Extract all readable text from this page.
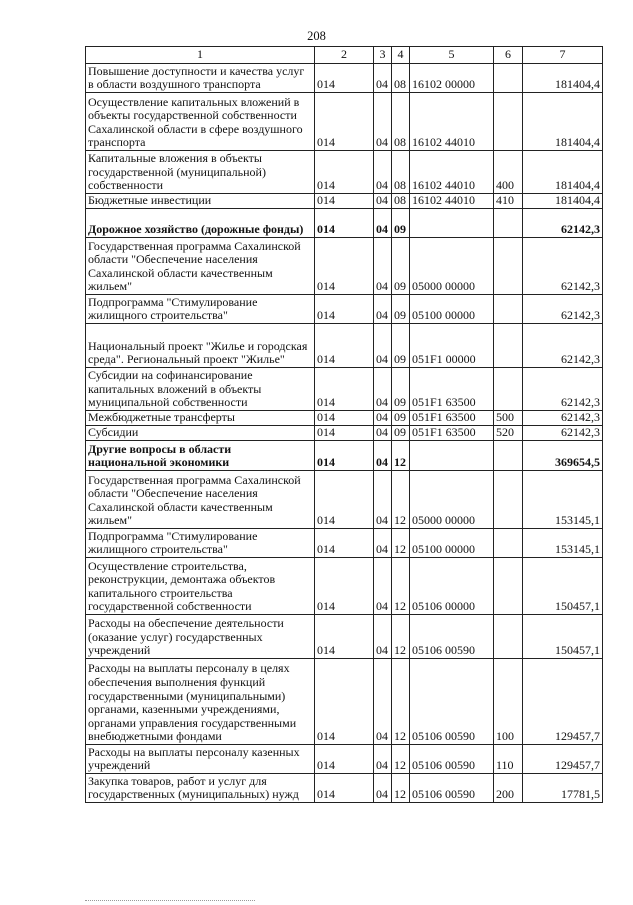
208
1	2	3	4	5	6	7
Повышение доступности и качества услуг в области воздушного транспорта	014	04	08	16102 00000		181404,4
Осуществление капитальных вложений в объекты государственной собственности Сахалинской области в сфере воздушного транспорта	014	04	08	16102 44010		181404,4
Капитальные вложения в объекты государственной (муниципальной) собственности	014	04	08	16102 44010	400	181404,4
Бюджетные инвестиции	014	04	08	16102 44010	410	181404,4
Дорожное хозяйство (дорожные фонды)	014	04	09			62142,3
Государственная программа Сахалинской области "Обеспечение населения Сахалинской области качественным жильем"	014	04	09	05000 00000		62142,3
Подпрограмма "Стимулирование жилищного строительства"	014	04	09	05100 00000		62142,3
Национальный проект "Жилье и городская среда". Региональный проект "Жилье"	014	04	09	051F1 00000		62142,3
Субсидии на софинансирование капитальных вложений в объекты муниципальной собственности	014	04	09	051F1 63500		62142,3
Межбюджетные трансферты	014	04	09	051F1 63500	500	62142,3
Субсидии	014	04	09	051F1 63500	520	62142,3
Другие вопросы в области национальной экономики	014	04	12			369654,5
Государственная программа Сахалинской области "Обеспечение населения Сахалинской области качественным жильем"	014	04	12	05000 00000		153145,1
Подпрограмма "Стимулирование жилищного строительства"	014	04	12	05100 00000		153145,1
Осуществление строительства, реконструкции, демонтажа объектов капитального строительства государственной собственности	014	04	12	05106 00000		150457,1
Расходы на обеспечение деятельности (оказание услуг) государственных учреждений	014	04	12	05106 00590		150457,1
Расходы на выплаты персоналу в целях обеспечения выполнения функций государственными (муниципальными) органами, казенными учреждениями, органами управления государственными внебюджетными фондами	014	04	12	05106 00590	100	129457,7
Расходы на выплаты персоналу казенных учреждений	014	04	12	05106 00590	110	129457,7
Закупка товаров, работ и услуг для государственных (муниципальных) нужд	014	04	12	05106 00590	200	17781,5
